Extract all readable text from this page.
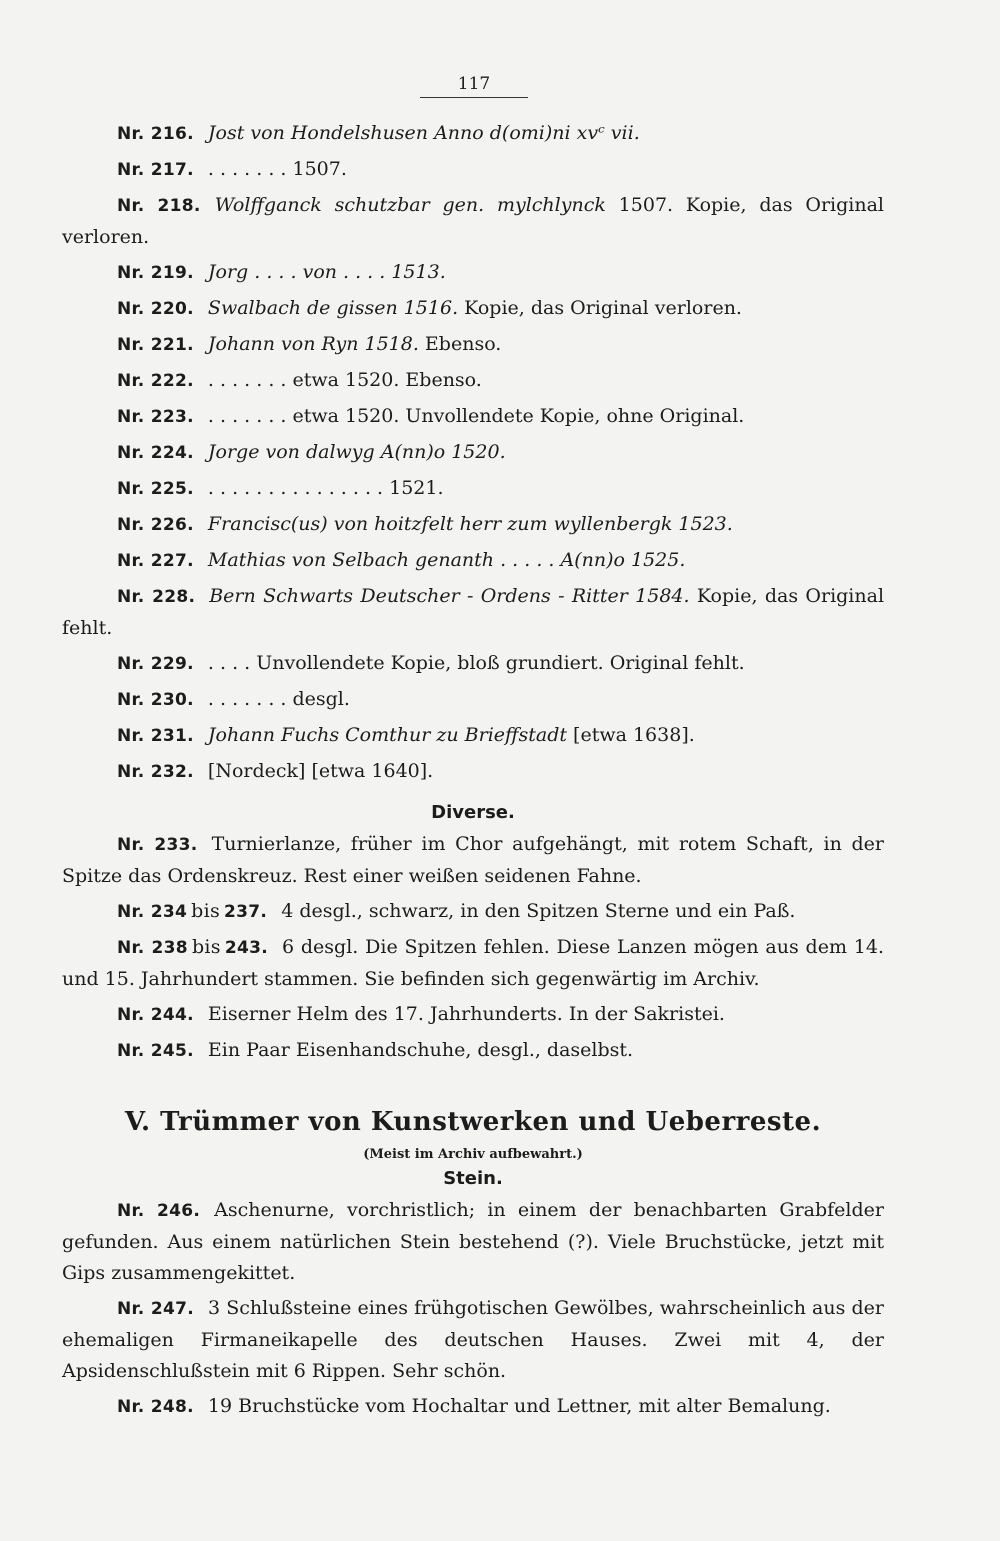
117

Nr. 216. Jost von Hondelshusen Anno d(omi)ni xvᶜ vii.

Nr. 217. . . . . . . . 1507.

Nr. 218. Wolffganck schutzbar gen. mylchlynck 1507. Kopie, das Original verloren.

Nr. 219. Jorg . . . . von . . . . 1513.

Nr. 220. Swalbach de gissen 1516. Kopie, das Original verloren.

Nr. 221. Johann von Ryn 1518. Ebenso.

Nr. 222. . . . . . . . etwa 1520. Ebenso.

Nr. 223. . . . . . . . etwa 1520. Unvollendete Kopie, ohne Original.

Nr. 224. Jorge von dalwyg A(nn)o 1520.

Nr. 225. . . . . . . . . . . . . . . . 1521.

Nr. 226. Francisc(us) von hoitzfelt herr zum wyllenbergk 1523.

Nr. 227. Mathias von Selbach genanth . . . . . A(nn)o 1525.

Nr. 228. Bern Schwarts Deutscher - Ordens - Ritter 1584. Kopie, das Original fehlt.

Nr. 229. . . . . Unvollendete Kopie, bloß grundiert. Original fehlt.

Nr. 230. . . . . . . . desgl.

Nr. 231. Johann Fuchs Comthur zu Brieffstadt [etwa 1638].

Nr. 232. [Nordeck] [etwa 1640].

Diverse.

Nr. 233. Turnierlanze, früher im Chor aufgehängt, mit rotem Schaft, in der Spitze das Ordenskreuz. Rest einer weißen seidenen Fahne.

Nr. 234 bis 237. 4 desgl., schwarz, in den Spitzen Sterne und ein Paß.

Nr. 238 bis 243. 6 desgl. Die Spitzen fehlen. Diese Lanzen mögen aus dem 14. und 15. Jahrhundert stammen. Sie befinden sich gegenwärtig im Archiv.

Nr. 244. Eiserner Helm des 17. Jahrhunderts. In der Sakristei.

Nr. 245. Ein Paar Eisenhandschuhe, desgl., daselbst.

V. Trümmer von Kunstwerken und Ueberreste.
(Meist im Archiv aufbewahrt.)
Stein.

Nr. 246. Aschenurne, vorchristlich; in einem der benachbarten Grabfelder gefunden. Aus einem natürlichen Stein bestehend (?). Viele Bruchstücke, jetzt mit Gips zusammengekittet.

Nr. 247. 3 Schlußsteine eines frühgotischen Gewölbes, wahrscheinlich aus der ehemaligen Firmaneikapelle des deutschen Hauses. Zwei mit 4, der Apsidenschlußstein mit 6 Rippen. Sehr schön.

Nr. 248. 19 Bruchstücke vom Hochaltar und Lettner, mit alter Bemalung.
